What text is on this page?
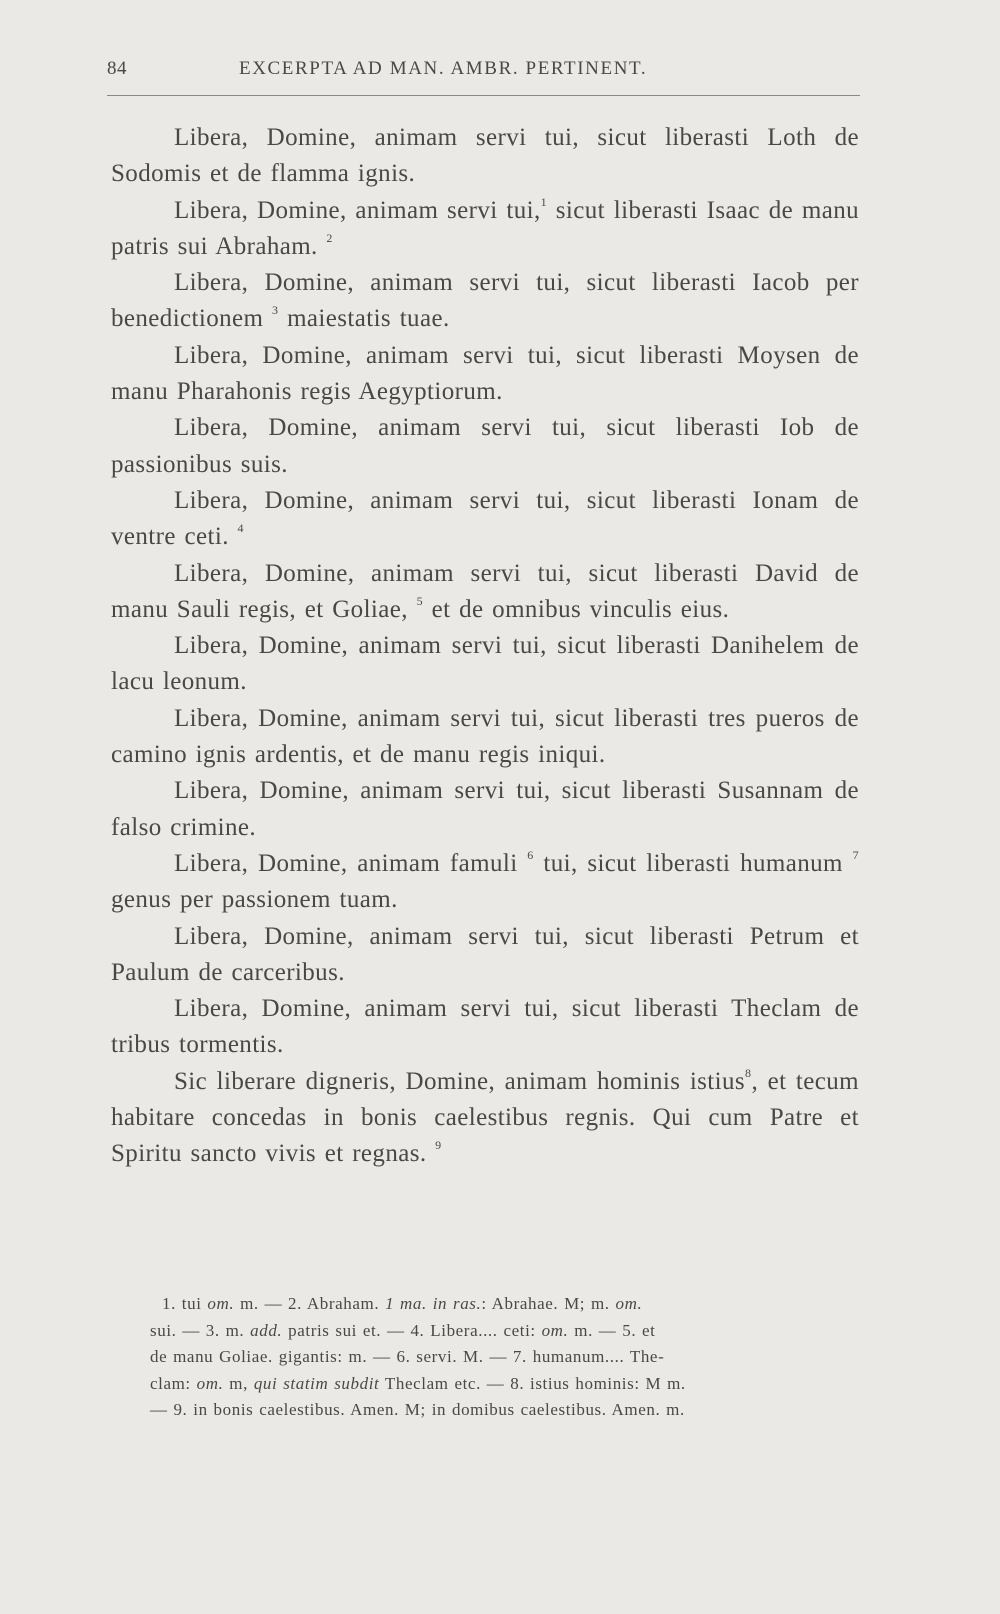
84	EXCERPTA AD MAN. AMBR. PERTINENT.

Libera, Domine, animam servi tui, sicut liberasti Loth de Sodomis et de flamma ignis.

Libera, Domine, animam servi tui,$^1$ sicut liberasti Isaac de manu patris sui Abraham. $^2$

Libera, Domine, animam servi tui, sicut liberasti Iacob per benedictionem $^3$ maiestatis tuae.

Libera, Domine, animam servi tui, sicut liberasti Moysen de manu Pharahonis regis Aegyptiorum.

Libera, Domine, animam servi tui, sicut liberasti Iob de passionibus suis.

Libera, Domine, animam servi tui, sicut liberasti Ionam de ventre ceti. $^4$

Libera, Domine, animam servi tui, sicut liberasti David de manu Sauli regis, et Goliae, $^5$ et de omnibus vinculis eius.

Libera, Domine, animam servi tui, sicut liberasti Danihelem de lacu leonum.

Libera, Domine, animam servi tui, sicut liberasti tres pueros de camino ignis ardentis, et de manu regis iniqui.

Libera, Domine, animam servi tui, sicut liberasti Susannam de falso crimine.

Libera, Domine, animam famuli $^6$ tui, sicut liberasti humanum $^7$ genus per passionem tuam.

Libera, Domine, animam servi tui, sicut liberasti Petrum et Paulum de carceribus.

Libera, Domine, animam servi tui, sicut liberasti Theclam de tribus tormentis.

Sic liberare digneris, Domine, animam hominis istius$^8$, et tecum habitare concedas in bonis caelestibus regnis. Qui cum Patre et Spiritu sancto vivis et regnas. $^9$

1. tui om. m. — 2. Abraham. 1 ma. in ras.: Abrahae. M; m. om.
sui. — 3. m. add. patris sui et. — 4. Libera.... ceti: om. m. — 5. et
de manu Goliae. gigantis: m. — 6. servi. M. — 7. humanum.... The-
clam: om. m, qui statim subdit Theclam etc. — 8. istius hominis: M m.
— 9. in bonis caelestibus. Amen. M; in domibus caelestibus. Amen. m.
